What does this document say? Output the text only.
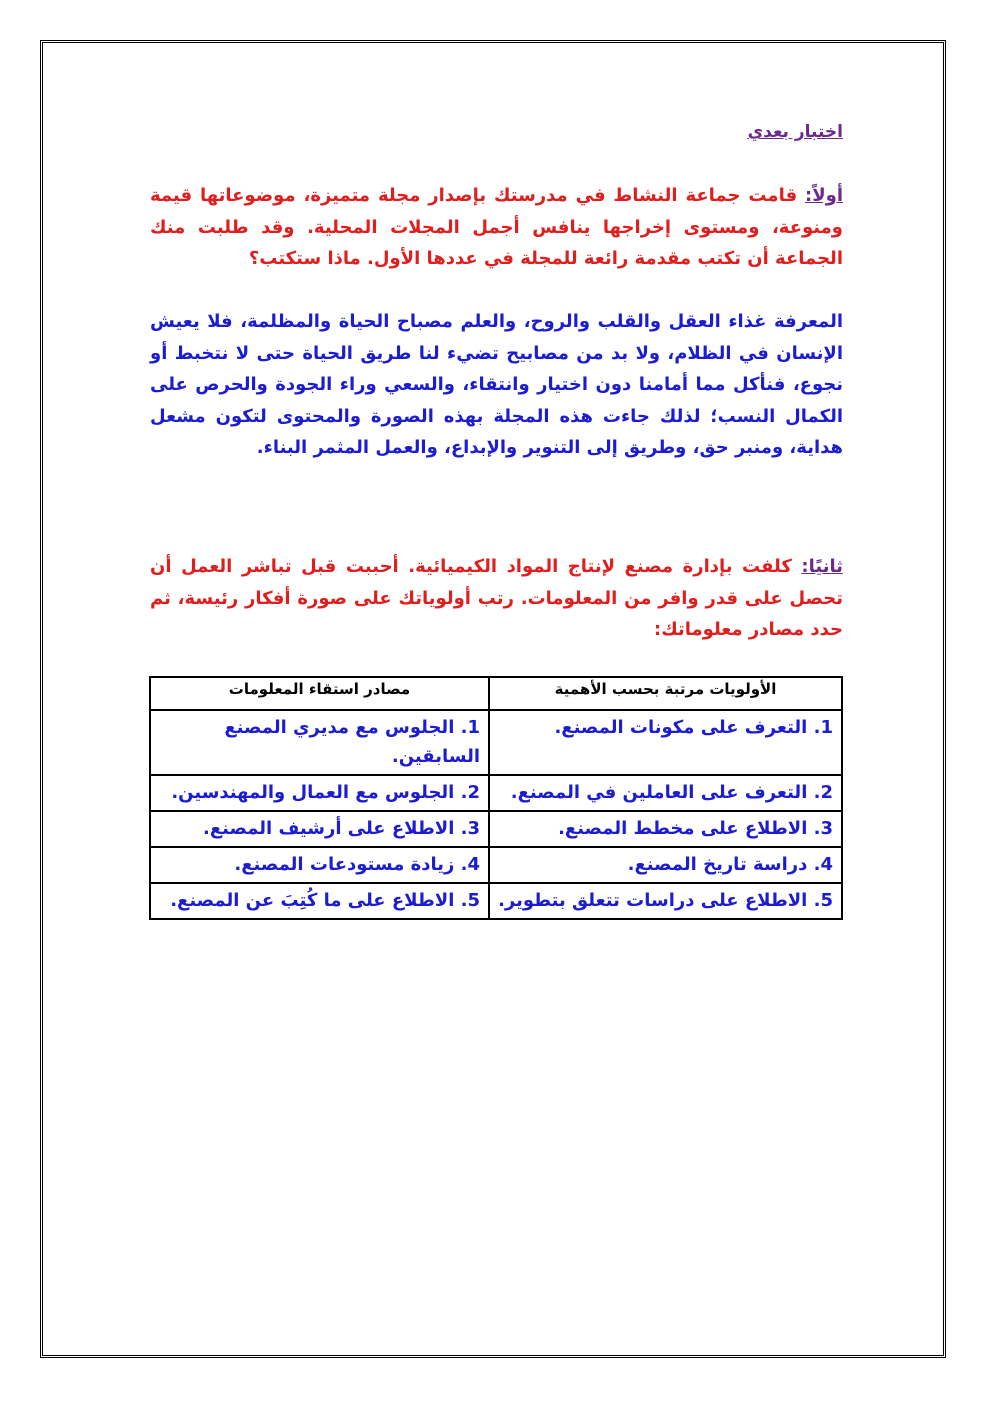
اختبار بعدي
أولاً: قامت جماعة النشاط في مدرستك بإصدار مجلة متميزة، موضوعاتها قيمة ومنوعة، ومستوى إخراجها ينافس أجمل المجلات المحلية. وقد طلبت منك الجماعة أن تكتب مقدمة رائعة للمجلة في عددها الأول. ماذا ستكتب؟
المعرفة غذاء العقل والقلب والروح، والعلم مصباح الحياة والمظلمة، فلا يعيش الإنسان في الظلام، ولا بد من مصابيح تضيء لنا طريق الحياة حتى لا نتخبط أو نجوع، فنأكل مما أمامنا دون اختيار وانتقاء، والسعي وراء الجودة والحرص على الكمال النسب؛ لذلك جاءت هذه المجلة بهذه الصورة والمحتوى لتكون مشعل هداية، ومنبر حق، وطريق إلى التنوير والإبداع، والعمل المثمر البناء.
ثانيًا: كلفت بإدارة مصنع لإنتاج المواد الكيميائية. أحببت قبل تباشر العمل أن تحصل على قدر وافر من المعلومات. رتب أولوياتك على صورة أفكار رئيسة، ثم حدد مصادر معلوماتك:
الأولويات مرتبة بحسب الأهمية	مصادر استقاء المعلومات
1. التعرف على مكونات المصنع.	1. الجلوس مع مديري المصنع السابقين.
2. التعرف على العاملين في المصنع.	2. الجلوس مع العمال والمهندسين.
3. الاطلاع على مخطط المصنع.	3. الاطلاع على أرشيف المصنع.
4. دراسة تاريخ المصنع.	4. زيادة مستودعات المصنع.
5. الاطلاع على دراسات تتعلق بتطوير.	5. الاطلاع على ما كُتِبَ عن المصنع.
